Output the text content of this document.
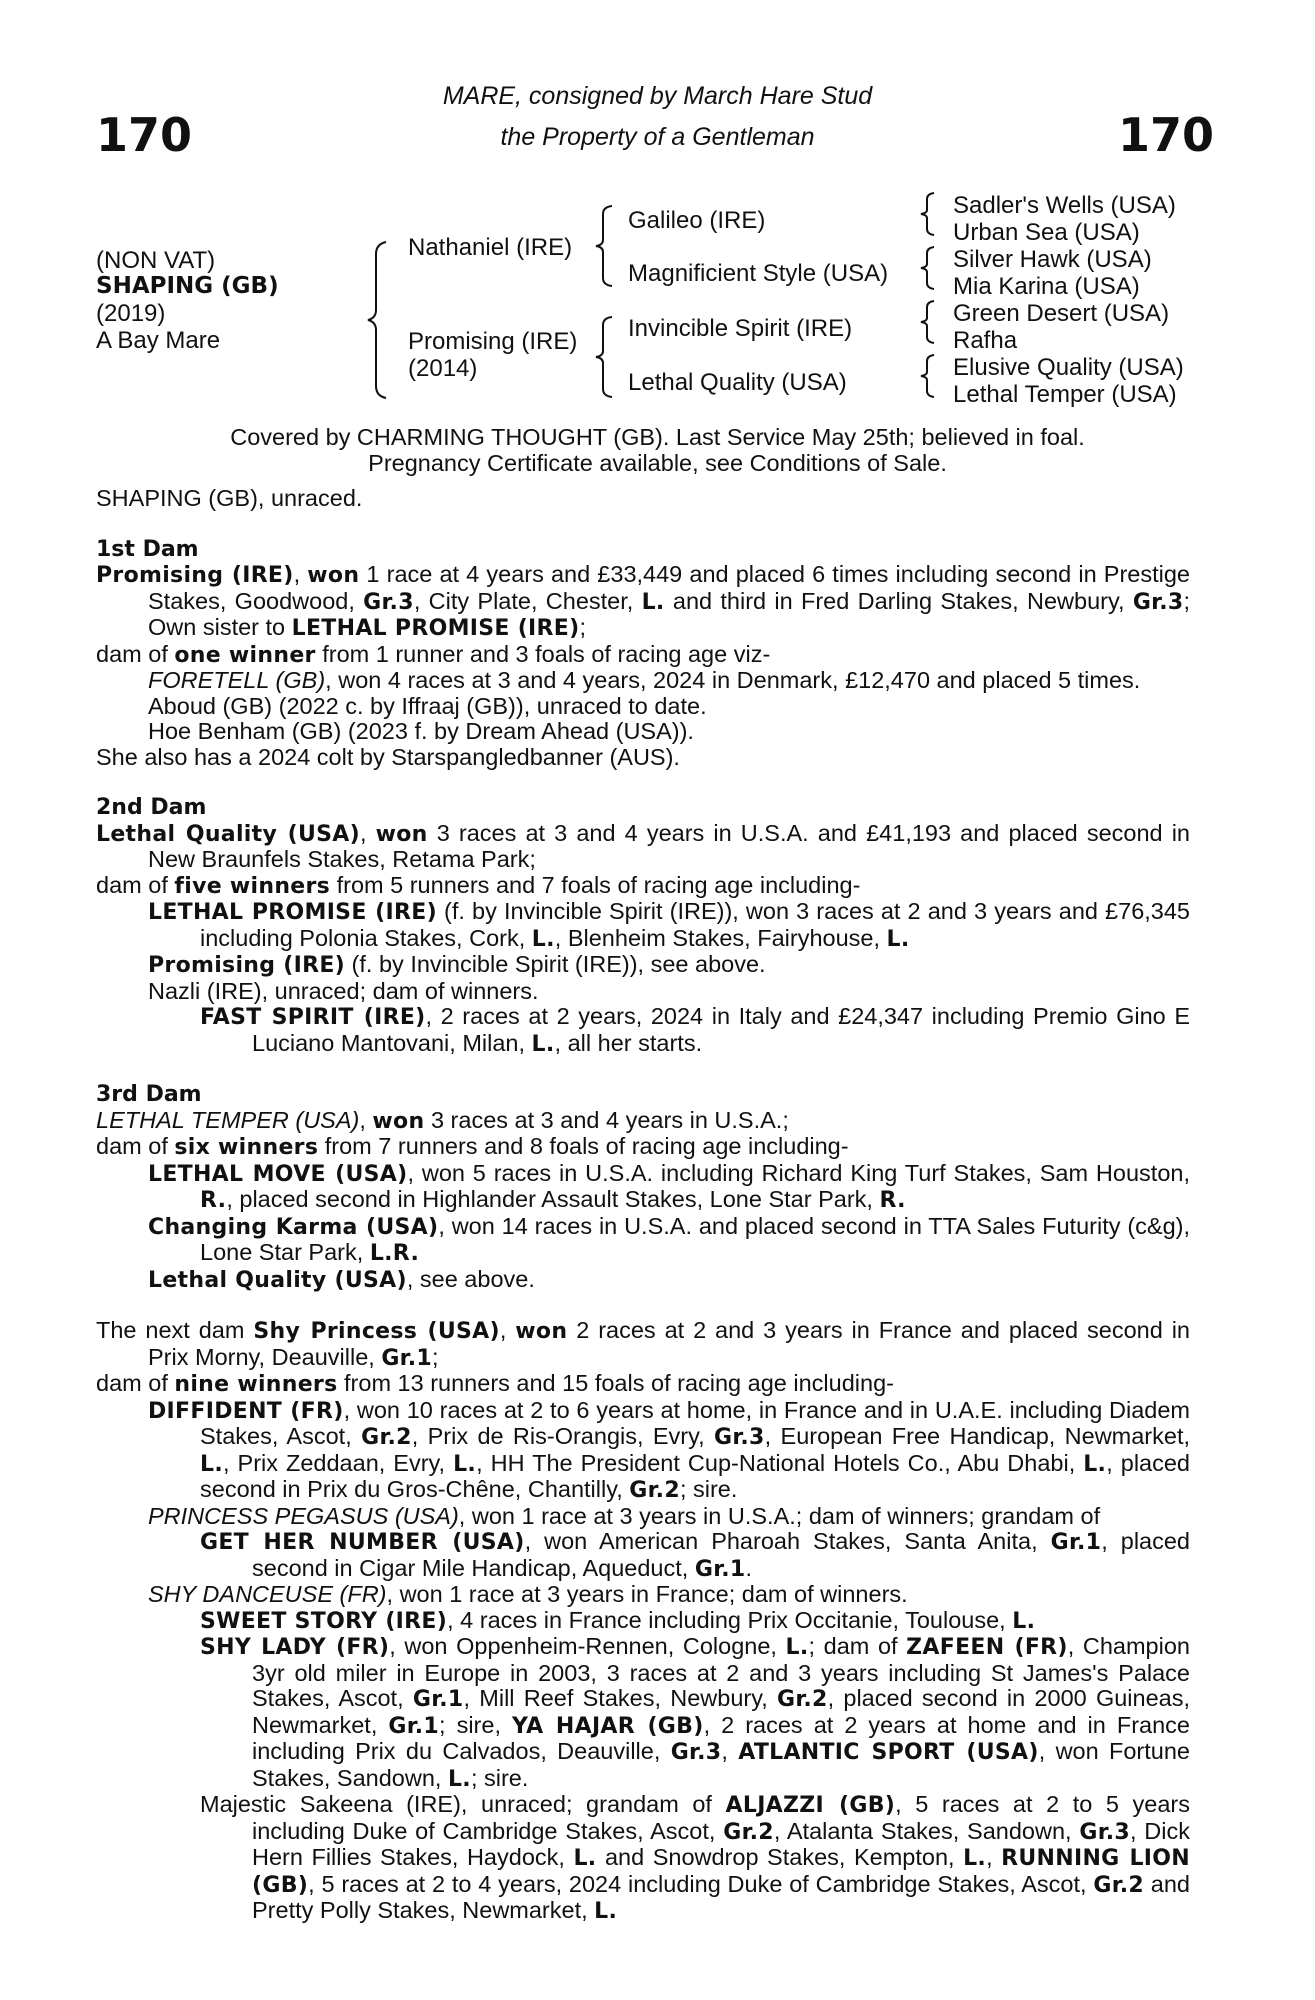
170	170
MARE, consigned by March Hare Stud
the Property of a Gentleman
(NON VAT)
SHAPING (GB)
(2019)
A Bay Mare
Nathaniel (IRE)
Promising (IRE)
(2014)
Galileo (IRE)
Magnificient Style (USA)
Invincible Spirit (IRE)
Lethal Quality (USA)
Sadler's Wells (USA)
Urban Sea (USA)
Silver Hawk (USA)
Mia Karina (USA)
Green Desert (USA)
Rafha
Elusive Quality (USA)
Lethal Temper (USA)
Covered by CHARMING THOUGHT (GB). Last Service May 25th; believed in foal.
Pregnancy Certificate available, see Conditions of Sale.

SHAPING (GB), unraced.

1st Dam

Promising (IRE), won 1 race at 4 years and £33,449 and placed 6 times including second in Prestige Stakes, Goodwood, Gr.3, City Plate, Chester, L. and third in Fred Darling Stakes, Newbury, Gr.3; Own sister to LETHAL PROMISE (IRE);

dam of one winner from 1 runner and 3 foals of racing age viz-

FORETELL (GB), won 4 races at 3 and 4 years, 2024 in Denmark, £12,470 and placed 5 times.

Aboud (GB) (2022 c. by Iffraaj (GB)), unraced to date.

Hoe Benham (GB) (2023 f. by Dream Ahead (USA)).

She also has a 2024 colt by Starspangledbanner (AUS).

2nd Dam

Lethal Quality (USA), won 3 races at 3 and 4 years in U.S.A. and £41,193 and placed second in New Braunfels Stakes, Retama Park;

dam of five winners from 5 runners and 7 foals of racing age including-

LETHAL PROMISE (IRE) (f. by Invincible Spirit (IRE)), won 3 races at 2 and 3 years and £76,345 including Polonia Stakes, Cork, L., Blenheim Stakes, Fairyhouse, L.

Promising (IRE) (f. by Invincible Spirit (IRE)), see above.

Nazli (IRE), unraced; dam of winners.

FAST SPIRIT (IRE), 2 races at 2 years, 2024 in Italy and £24,347 including Premio Gino E Luciano Mantovani, Milan, L., all her starts.

3rd Dam

LETHAL TEMPER (USA), won 3 races at 3 and 4 years in U.S.A.;

dam of six winners from 7 runners and 8 foals of racing age including-

LETHAL MOVE (USA), won 5 races in U.S.A. including Richard King Turf Stakes, Sam Houston, R., placed second in Highlander Assault Stakes, Lone Star Park, R.

Changing Karma (USA), won 14 races in U.S.A. and placed second in TTA Sales Futurity (c&g), Lone Star Park, L.R.

Lethal Quality (USA), see above.

The next dam Shy Princess (USA), won 2 races at 2 and 3 years in France and placed second in Prix Morny, Deauville, Gr.1;

dam of nine winners from 13 runners and 15 foals of racing age including-

DIFFIDENT (FR), won 10 races at 2 to 6 years at home, in France and in U.A.E. including Diadem Stakes, Ascot, Gr.2, Prix de Ris-Orangis, Evry, Gr.3, European Free Handicap, Newmarket, L., Prix Zeddaan, Evry, L., HH The President Cup-National Hotels Co., Abu Dhabi, L., placed second in Prix du Gros-Chêne, Chantilly, Gr.2; sire.

PRINCESS PEGASUS (USA), won 1 race at 3 years in U.S.A.; dam of winners; grandam of

GET HER NUMBER (USA), won American Pharoah Stakes, Santa Anita, Gr.1, placed second in Cigar Mile Handicap, Aqueduct, Gr.1.

SHY DANCEUSE (FR), won 1 race at 3 years in France; dam of winners.

SWEET STORY (IRE), 4 races in France including Prix Occitanie, Toulouse, L.

SHY LADY (FR), won Oppenheim-Rennen, Cologne, L.; dam of ZAFEEN (FR), Champion 3yr old miler in Europe in 2003, 3 races at 2 and 3 years including St James's Palace Stakes, Ascot, Gr.1, Mill Reef Stakes, Newbury, Gr.2, placed second in 2000 Guineas, Newmarket, Gr.1; sire, YA HAJAR (GB), 2 races at 2 years at home and in France including Prix du Calvados, Deauville, Gr.3, ATLANTIC SPORT (USA), won Fortune Stakes, Sandown, L.; sire.

Majestic Sakeena (IRE), unraced; grandam of ALJAZZI (GB), 5 races at 2 to 5 years including Duke of Cambridge Stakes, Ascot, Gr.2, Atalanta Stakes, Sandown, Gr.3, Dick Hern Fillies Stakes, Haydock, L. and Snowdrop Stakes, Kempton, L., RUNNING LION (GB), 5 races at 2 to 4 years, 2024 including Duke of Cambridge Stakes, Ascot, Gr.2 and Pretty Polly Stakes, Newmarket, L.
